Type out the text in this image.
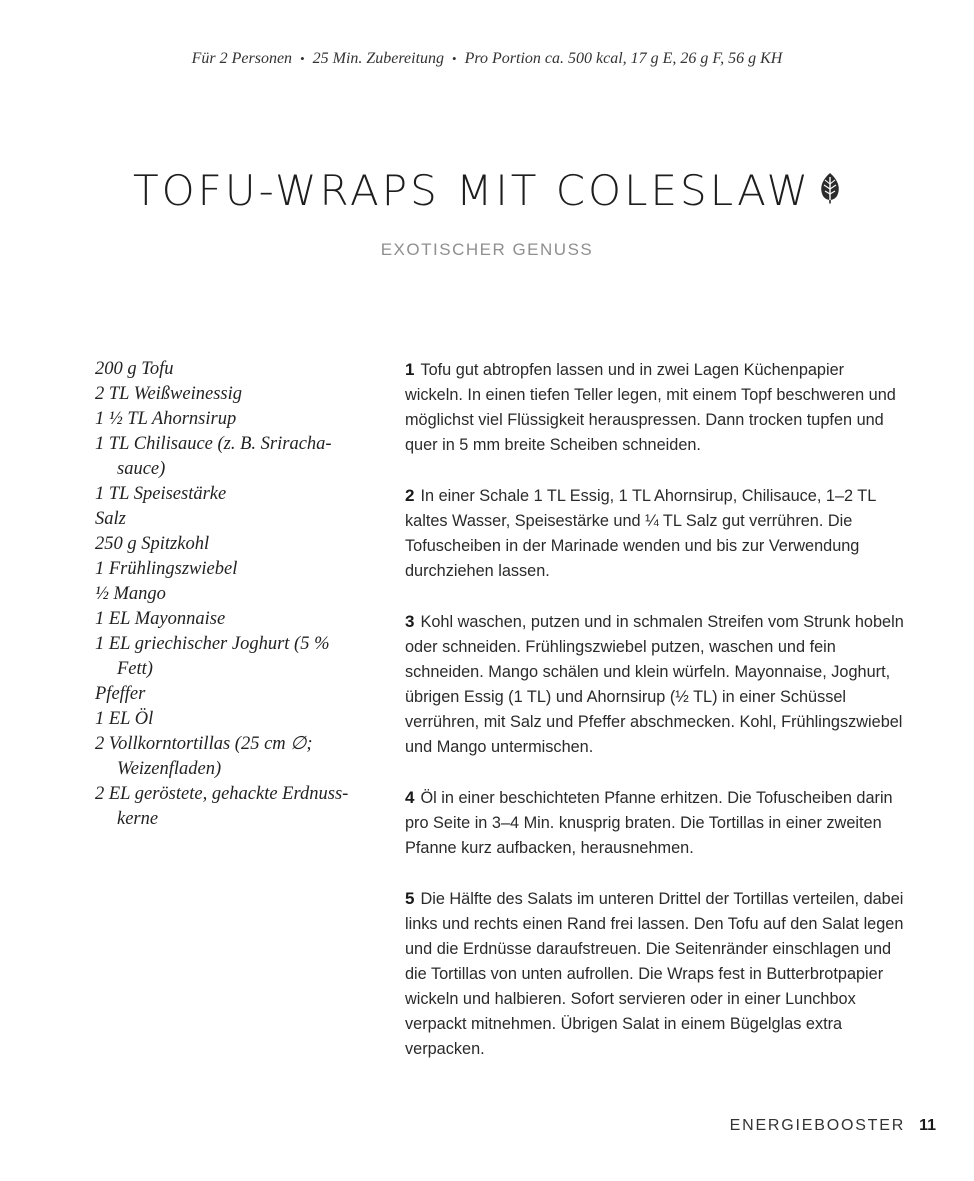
Für 2 Personen • 25 Min. Zubereitung • Pro Portion ca. 500 kcal, 17 g E, 26 g F, 56 g KH
TOFU-WRAPS MIT COLESLAW
EXOTISCHER GENUSS
200 g Tofu
2 TL Weißweinessig
1 ½ TL Ahornsirup
1 TL Chilisauce (z. B. Sriracha-sauce)
1 TL Speisestärke
Salz
250 g Spitzkohl
1 Frühlingszwiebel
½ Mango
1 EL Mayonnaise
1 EL griechischer Joghurt (5 % Fett)
Pfeffer
1 EL Öl
2 Vollkorntortillas (25 cm ∅; Weizenfladen)
2 EL geröstete, gehackte Erdnuss-kerne

1 Tofu gut abtropfen lassen und in zwei Lagen Küchenpapier wickeln. In einen tiefen Teller legen, mit einem Topf beschweren und möglichst viel Flüssigkeit herauspressen. Dann trocken tupfen und quer in 5 mm breite Scheiben schneiden.

2 In einer Schale 1 TL Essig, 1 TL Ahornsirup, Chilisauce, 1–2 TL kaltes Wasser, Speisestärke und ¼ TL Salz gut verrühren. Die Tofuscheiben in der Marinade wenden und bis zur Verwendung durchziehen lassen.

3 Kohl waschen, putzen und in schmalen Streifen vom Strunk hobeln oder schneiden. Frühlingszwiebel putzen, waschen und fein schneiden. Mango schälen und klein würfeln. Mayonnaise, Joghurt, übrigen Essig (1 TL) und Ahornsirup (½ TL) in einer Schüssel verrühren, mit Salz und Pfeffer abschmecken. Kohl, Frühlingszwiebel und Mango untermischen.

4 Öl in einer beschichteten Pfanne erhitzen. Die Tofuscheiben darin pro Seite in 3–4 Min. knusprig braten. Die Tortillas in einer zweiten Pfanne kurz aufbacken, herausnehmen.

5 Die Hälfte des Salats im unteren Drittel der Tortillas verteilen, dabei links und rechts einen Rand frei lassen. Den Tofu auf den Salat legen und die Erdnüsse daraufstreuen. Die Seitenränder einschlagen und die Tortillas von unten aufrollen. Die Wraps fest in Butterbrotpapier wickeln und halbieren. Sofort servieren oder in einer Lunchbox verpackt mitnehmen. Übrigen Salat in einem Bügelglas extra verpacken.

ENERGIEBOOSTER 11
